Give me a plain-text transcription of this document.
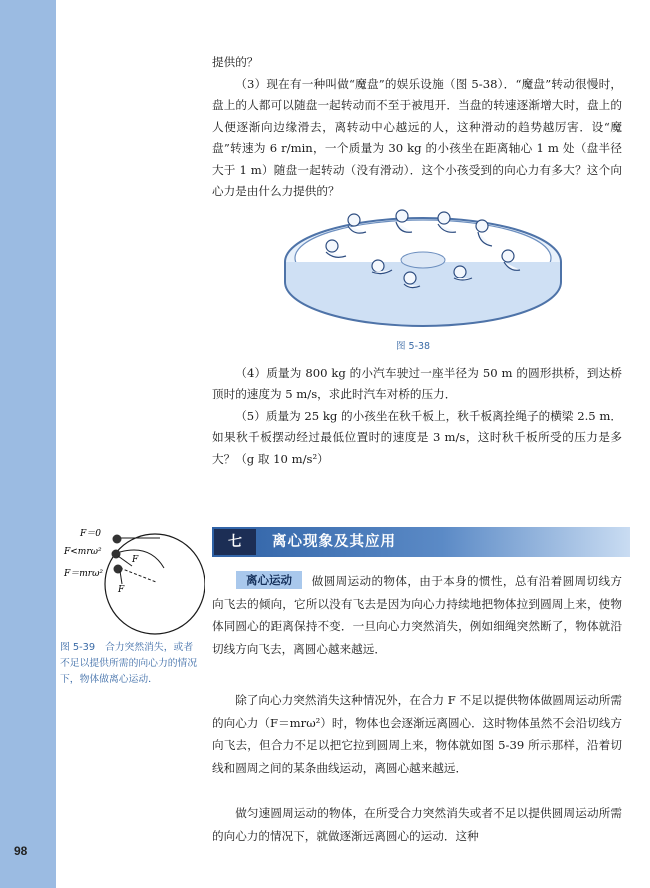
98

提供的？

（3）现在有一种叫做“魔盘”的娱乐设施（图 5-38）．“魔盘”转动很慢时，盘上的人都可以随盘一起转动而不至于被甩开．当盘的转速逐渐增大时，盘上的人便逐渐向边缘滑去，离转动中心越远的人，这种滑动的趋势越厉害．设“魔盘”转速为 6 r/min，一个质量为 30 kg 的小孩坐在距离轴心 1 m 处（盘半径大于 1 m）随盘一起转动（没有滑动）．这个小孩受到的向心力有多大？这个向心力是由什么力提供的？

图 5-38

（4）质量为 800 kg 的小汽车驶过一座半径为 50 m 的圆形拱桥，到达桥顶时的速度为 5 m/s，求此时汽车对桥的压力．

（5）质量为 25 kg 的小孩坐在秋千板上，秋千板离拴绳子的横梁 2.5 m．如果秋千板摆动经过最低位置时的速度是 3 m/s，这时秋千板所受的压力是多大？（g 取 10 m/s²）

F＝0
F<mrω²
F＝mrω²
F
F
图 5-39　合力突然消失，或者不足以提供所需的向心力的情况下，物体做离心运动．
七	离心现象及其应用
离心运动	做圆周运动的物体，由于本身的惯性，总有沿着圆周切线方向飞去的倾向，它所以没有飞去是因为向心力持续地把物体拉到圆周上来，使物体同圆心的距离保持不变．一旦向心力突然消失，例如细绳突然断了，物体就沿切线方向飞去，离圆心越来越远．

除了向心力突然消失这种情况外，在合力 F 不足以提供物体做圆周运动所需的向心力（F＝mrω²）时，物体也会逐渐远离圆心．这时物体虽然不会沿切线方向飞去，但合力不足以把它拉到圆周上来，物体就如图 5-39 所示那样，沿着切线和圆周之间的某条曲线运动，离圆心越来越远．

做匀速圆周运动的物体，在所受合力突然消失或者不足以提供圆周运动所需的向心力的情况下，就做逐渐远离圆心的运动．这种
